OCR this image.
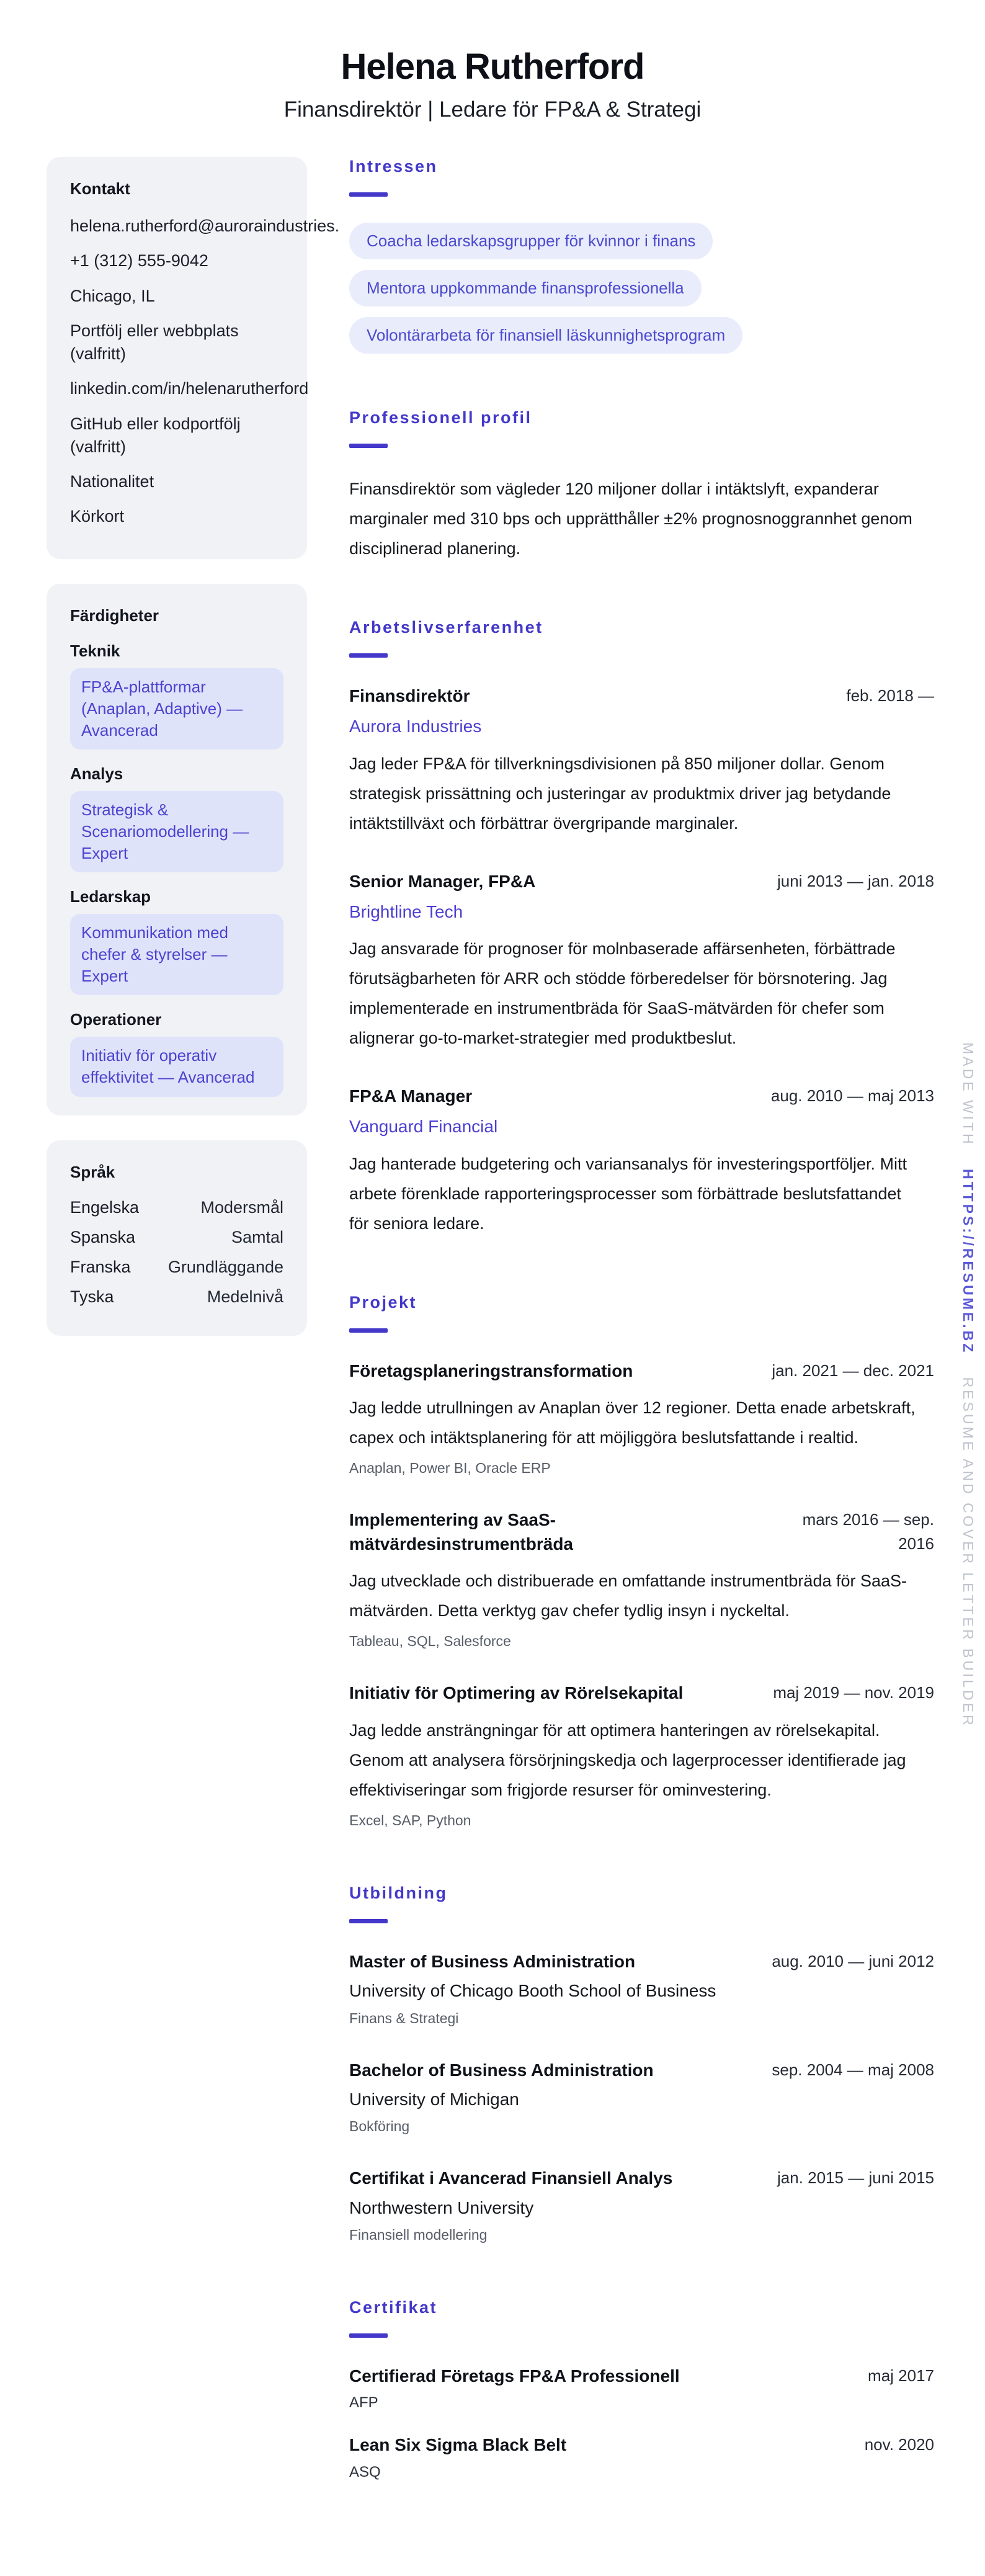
Helena Rutherford
Finansdirektör | Ledare för FP&A & Strategi
Kontakt
helena.rutherford@auroraindustries.
+1 (312) 555-9042
Chicago, IL
Portfölj eller webbplats (valfritt)
linkedin.com/in/helenarutherford
GitHub eller kodportfölj (valfritt)
Nationalitet
Körkort
Färdigheter
Teknik
FP&A-plattformar (Anaplan, Adaptive) — Avancerad
Analys
Strategisk & Scenariomodellering — Expert
Ledarskap
Kommunikation med chefer & styrelser — Expert
Operationer
Initiativ för operativ effektivitet — Avancerad
Språk
Engelska	Modersmål
Spanska	Samtal
Franska Grundläggande
Tyska	Medelnivå
Intressen
Coacha ledarskapsgrupper för kvinnor i finans
Mentora uppkommande finansprofessionella
Volontärarbeta för finansiell läskunnighetsprogram
Professionell profil

Finansdirektör som vägleder 120 miljoner dollar i intäktslyft, expanderar marginaler med 310 bps och upprätthåller ±2% prognosnoggrannhet genom disciplinerad planering.

Arbetslivserfarenhet
Finansdirektör
Aurora Industries
feb. 2018 —

Jag leder FP&A för tillverkningsdivisionen på 850 miljoner dollar. Genom strategisk prissättning och justeringar av produktmix driver jag betydande intäktstillväxt och förbättrar övergripande marginaler.

Senior Manager, FP&A
Brightline Tech
juni 2013 — jan. 2018

Jag ansvarade för prognoser för molnbaserade affärsenheten, förbättrade förutsägbarheten för ARR och stödde förberedelser för börsnotering. Jag implementerade en instrumentbräda för SaaS-mätvärden för chefer som alignerar go-to-market-strategier med produktbeslut.

FP&A Manager
Vanguard Financial
aug. 2010 — maj 2013

Jag hanterade budgetering och variansanalys för investeringsportföljer. Mitt arbete förenklade rapporteringsprocesser som förbättrade beslutsfattandet för seniora ledare.

Projekt
Företagsplaneringstransformation	jan. 2021 — dec. 2021

Jag ledde utrullningen av Anaplan över 12 regioner. Detta enade arbetskraft, capex och intäktsplanering för att möjliggöra beslutsfattande i realtid.

Anaplan, Power BI, Oracle ERP
Implementering av SaaS-mätvärdesinstrumentbräda
mars 2016 — sep. 2016

Jag utvecklade och distribuerade en omfattande instrumentbräda för SaaS-mätvärden. Detta verktyg gav chefer tydlig insyn i nyckeltal.

Tableau, SQL, Salesforce
Initiativ för Optimering av Rörelsekapital	maj 2019 — nov. 2019

Jag ledde ansträngningar för att optimera hanteringen av rörelsekapital. Genom att analysera försörjningskedja och lagerprocesser identifierade jag effektiviseringar som frigjorde resurser för ominvestering.

Excel, SAP, Python
Utbildning
Master of Business Administration
University of Chicago Booth School of Business
Finans & Strategi
aug. 2010 — juni 2012
Bachelor of Business Administration
University of Michigan
Bokföring
sep. 2004 — maj 2008
Certifikat i Avancerad Finansiell Analys
Northwestern University
Finansiell modellering
jan. 2015 — juni 2015
Certifikat
Certifierad Företags FP&A Professionell
AFP
maj 2017
Lean Six Sigma Black Belt
ASQ
nov. 2020
MADE WITH HTTPS://RESUME.BZ RESUME AND COVER LETTER BUILDER
